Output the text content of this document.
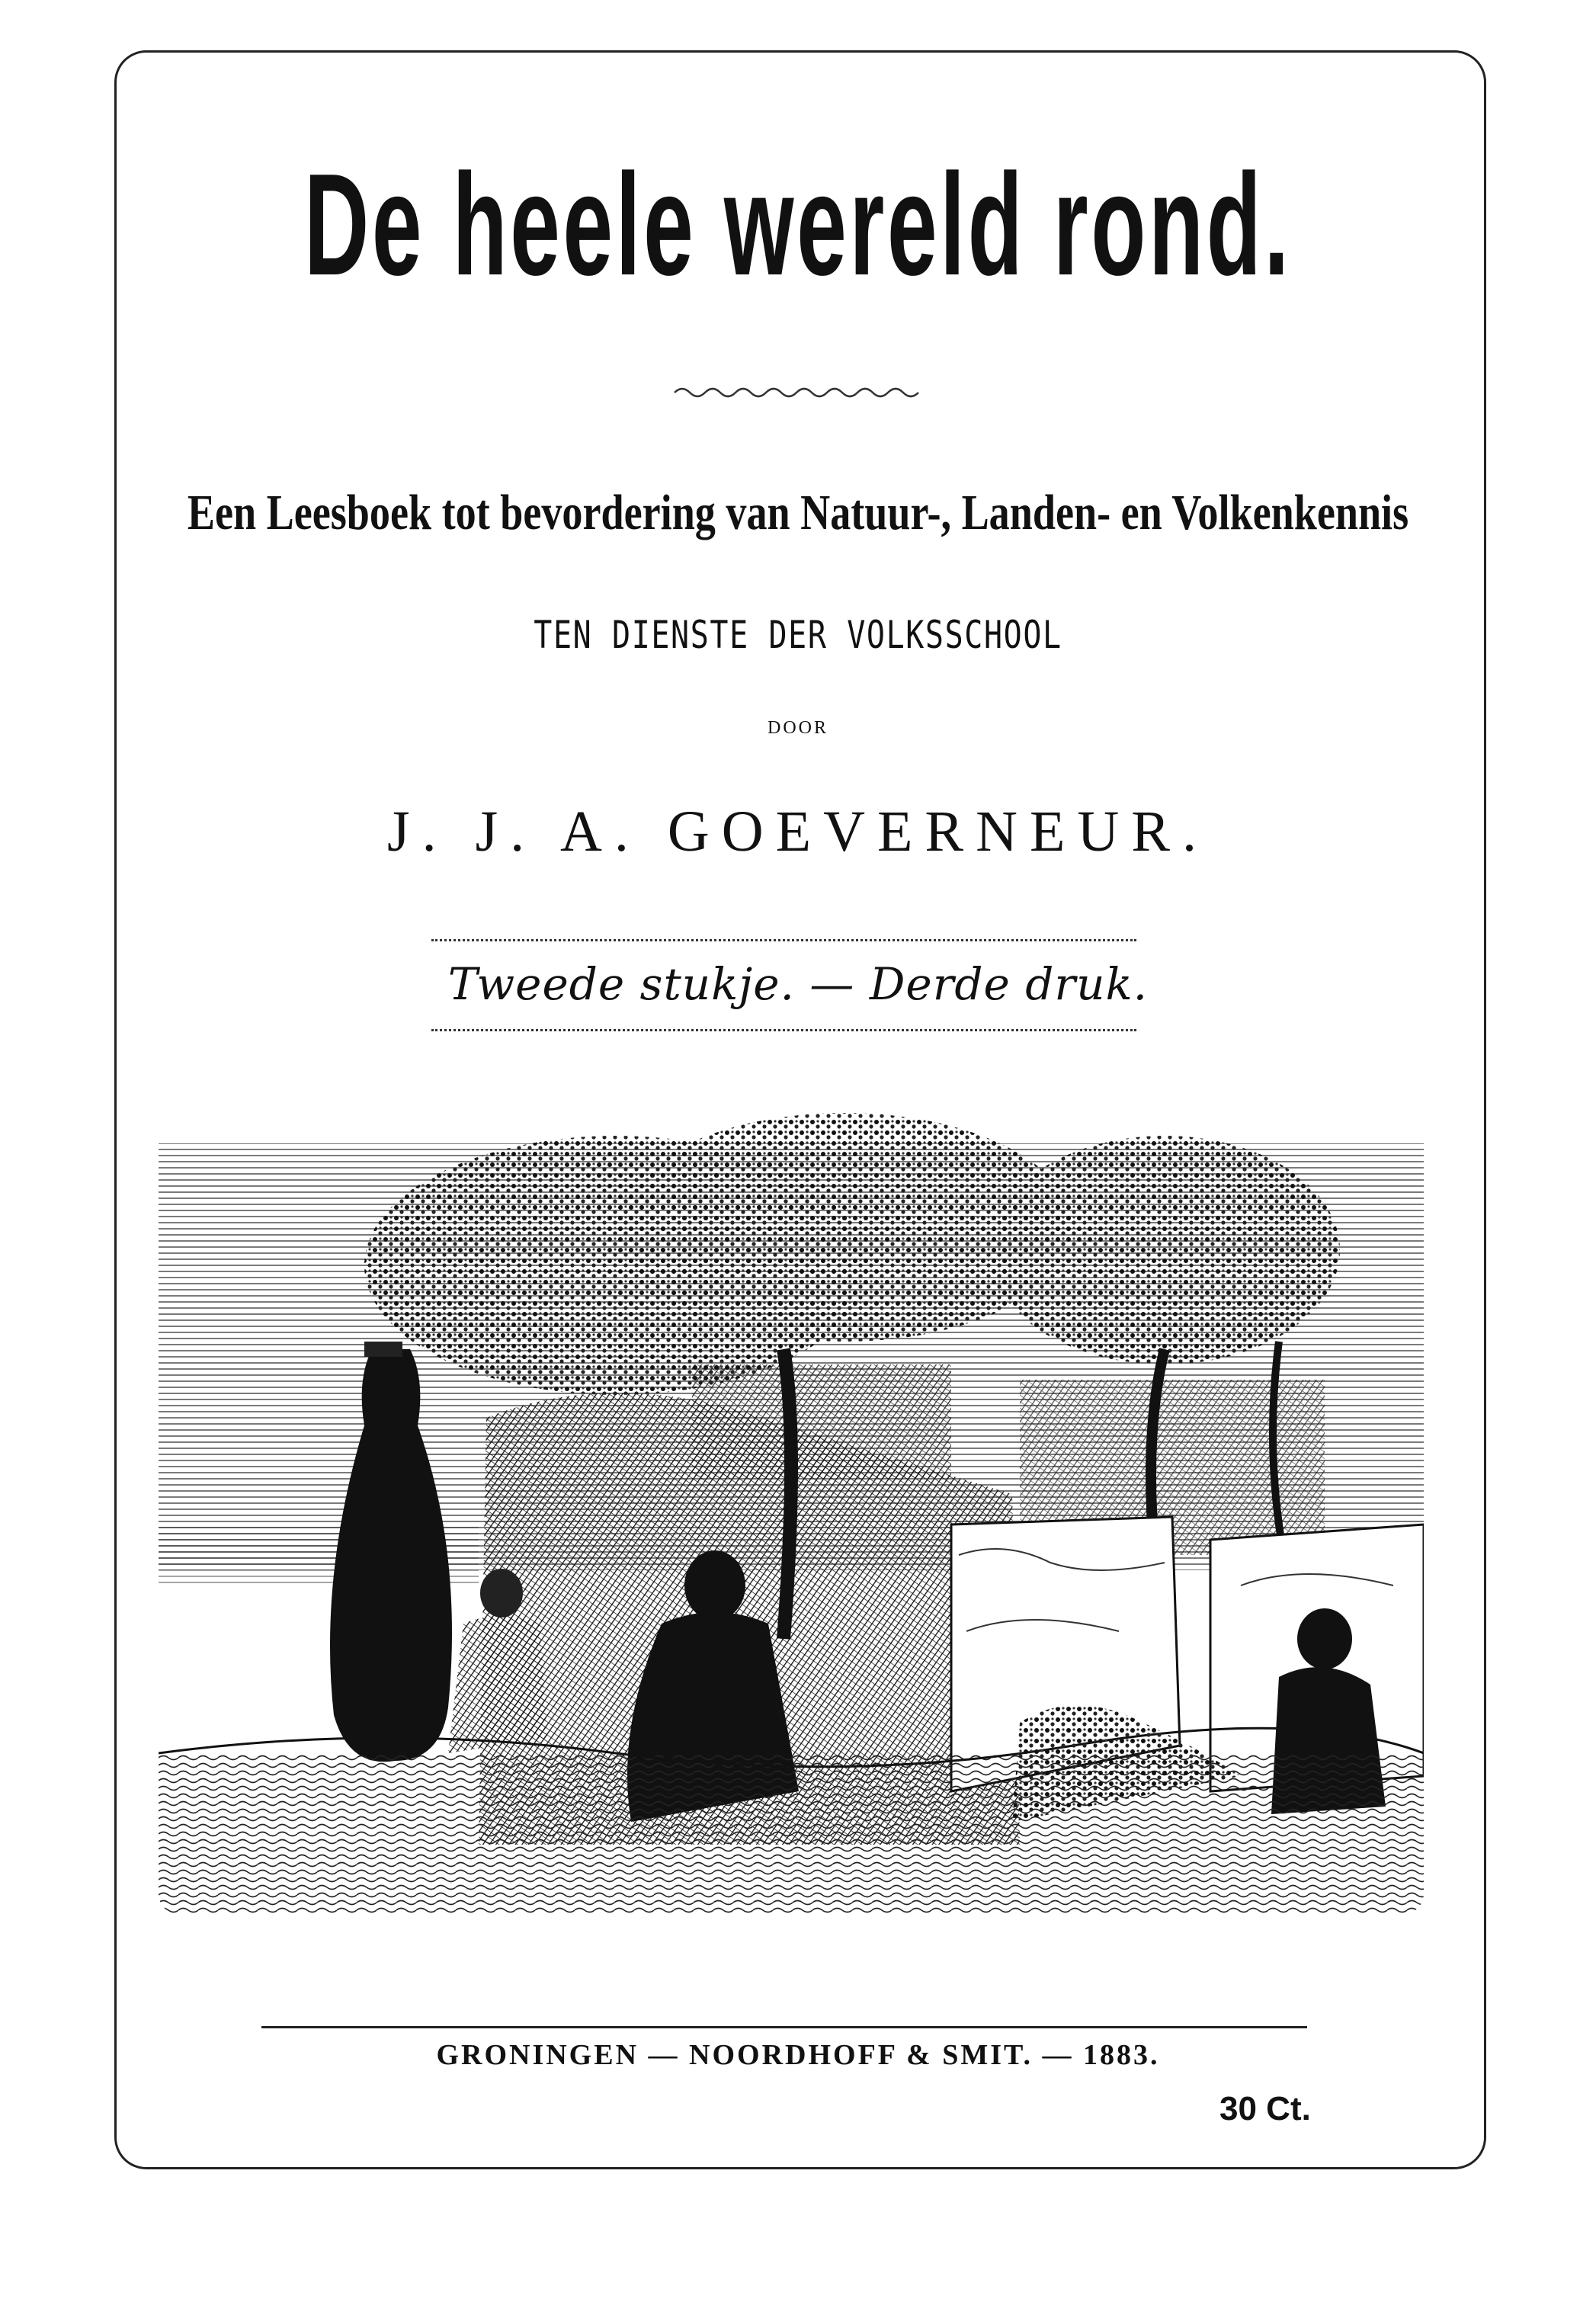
De heele wereld rond.
Een Leesboek tot bevordering van Natuur-, Landen- en Volkenkennis
TEN DIENSTE DER VOLKSSCHOOL
DOOR
J. J. A. GOEVERNEUR.
Tweede stukje. — Derde druk.
GRONINGEN — NOORDHOFF & SMIT. — 1883.
30 Ct.
